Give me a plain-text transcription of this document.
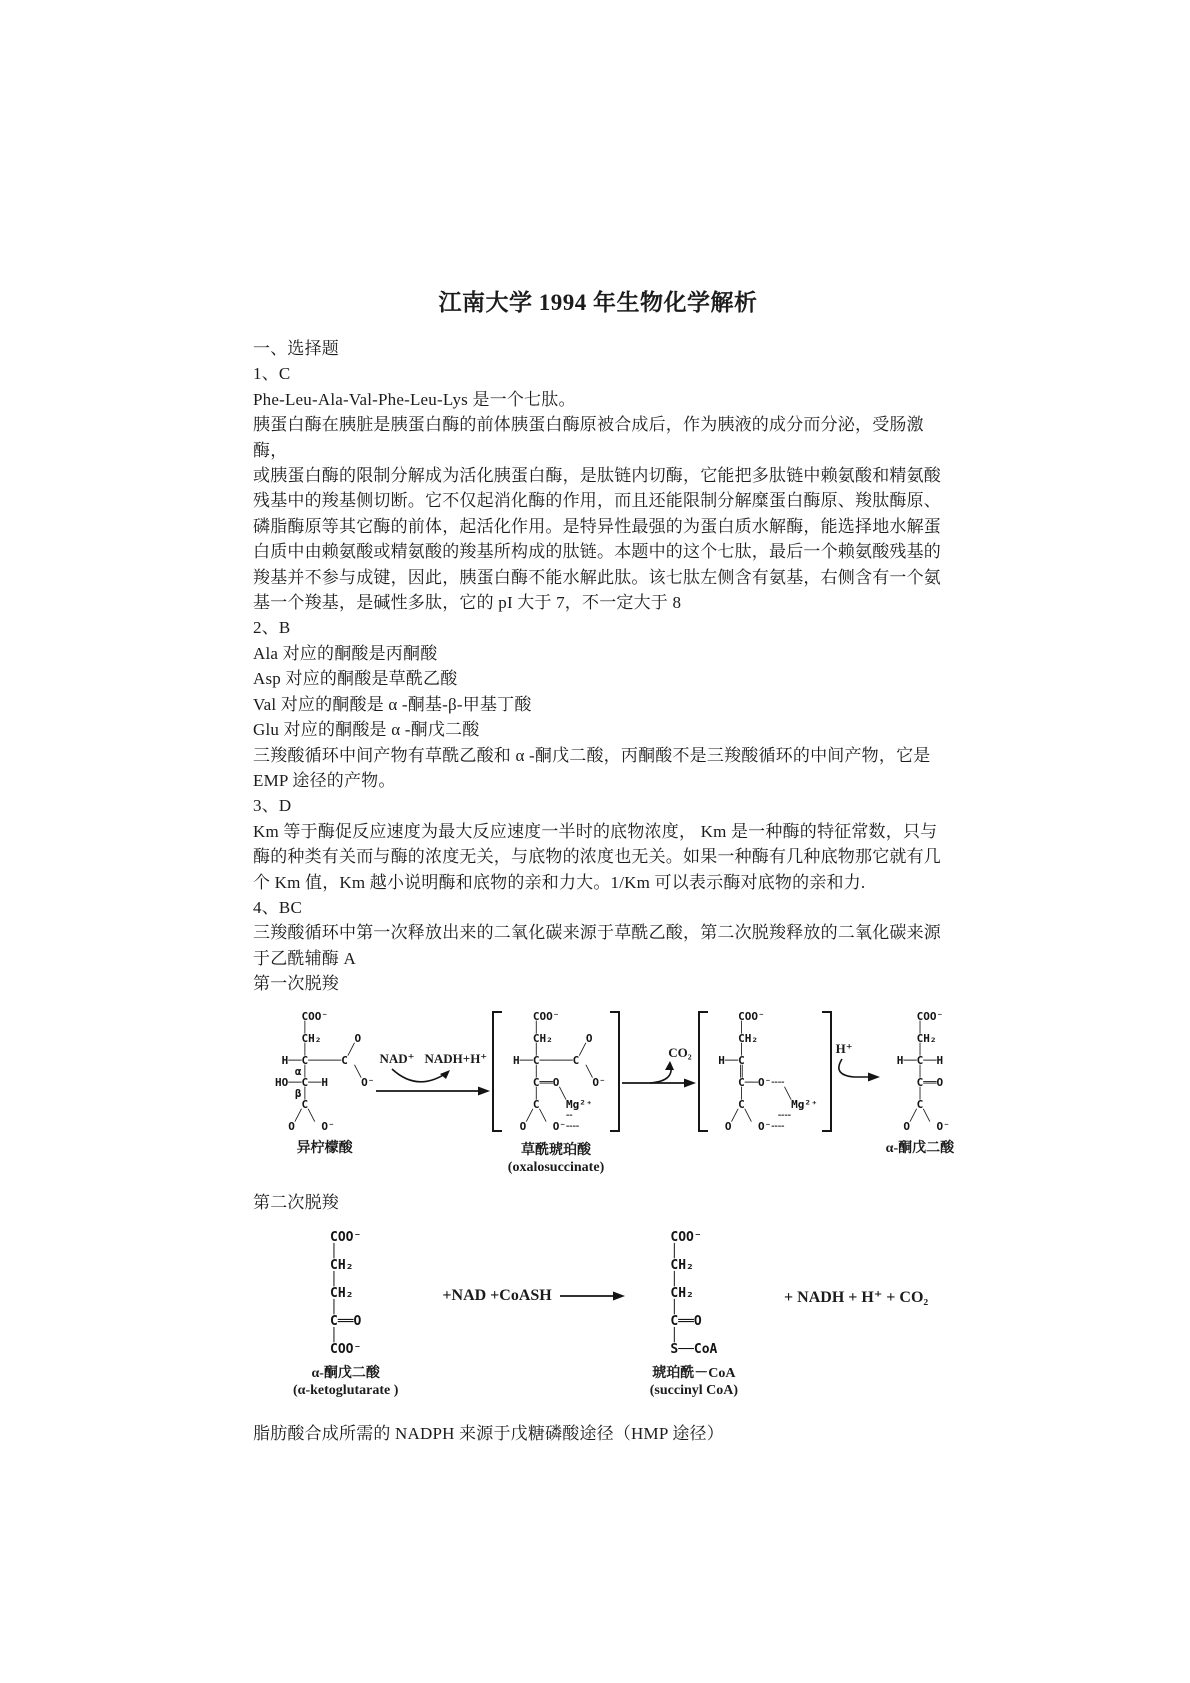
江南大学 1994 年生物化学解析
一、选择题
1、C
Phe-Leu-Ala-Val-Phe-Leu-Lys 是一个七肽。
胰蛋白酶在胰脏是胰蛋白酶的前体胰蛋白酶原被合成后，作为胰液的成分而分泌，受肠激酶，
或胰蛋白酶的限制分解成为活化胰蛋白酶，是肽链内切酶，它能把多肽链中赖氨酸和精氨酸
残基中的羧基侧切断。它不仅起消化酶的作用，而且还能限制分解糜蛋白酶原、羧肽酶原、
磷脂酶原等其它酶的前体，起活化作用。是特异性最强的为蛋白质水解酶，能选择地水解蛋
白质中由赖氨酸或精氨酸的羧基所构成的肽链。本题中的这个七肽，最后一个赖氨酸残基的
羧基并不参与成键，因此，胰蛋白酶不能水解此肽。该七肽左侧含有氨基，右侧含有一个氨
基一个羧基，是碱性多肽，它的 pI 大于 7，不一定大于 8
2、B
Ala 对应的酮酸是丙酮酸
Asp 对应的酮酸是草酰乙酸
Val 对应的酮酸是 α -酮基-β-甲基丁酸
Glu 对应的酮酸是 α -酮戊二酸
三羧酸循环中间产物有草酰乙酸和 α -酮戊二酸，丙酮酸不是三羧酸循环的中间产物，它是
EMP 途径的产物。
3、D
Km 等于酶促反应速度为最大反应速度一半时的底物浓度， Km 是一种酶的特征常数，只与
酶的种类有关而与酶的浓度无关，与底物的浓度也无关。如果一种酶有几种底物那它就有几
个 Km 值，Km 越小说明酶和底物的亲和力大。1/Km 可以表示酶对底物的亲和力.
4、BC
三羧酸循环中第一次释放出来的二氧化碳来源于草酰乙酸，第二次脱羧释放的二氧化碳来源
于乙酰辅酶 A
第一次脱羧
COO⁻
│
CH₂     O
│      ╱
H──C─────C
α│       ╲
HO──C──H     O⁻
β│
C
╱ ╲
O    O⁻
异柠檬酸
NAD⁺ NADH+H⁺
COO⁻
│
CH₂     O
│      ╱
H──C─────C
│       ╲
C══O     O⁻
│   ╲
C    Mg²⁺
╱ ╲   ╌
O    O⁻╌╌
草酰琥珀酸
(oxalosuccinate)
CO₂
COO⁻
│
CH₂
│
H──C
║
C──O⁻╌╌
│      ╲
C       Mg²⁺
╱ ╲    ╌╌
O    O⁻╌╌
H⁺
COO⁻
│
CH₂
│
H──C──H
│
C══O
│
C
╱ ╲
O    O⁻
α-酮戊二酸
第二次脱羧
COO⁻
│
CH₂
│
CH₂
│
C══O
│
COO⁻
α-酮戊二酸
(α-ketoglutarate )
+NAD +CoASH
COO⁻
│
CH₂
│
CH₂
│
C══O
│
S──CoA
琥珀酰－CoA
(succinyl CoA)
+ NADH + H⁺ + CO₂
脂肪酸合成所需的 NADPH 来源于戊糖磷酸途径（HMP 途径）
